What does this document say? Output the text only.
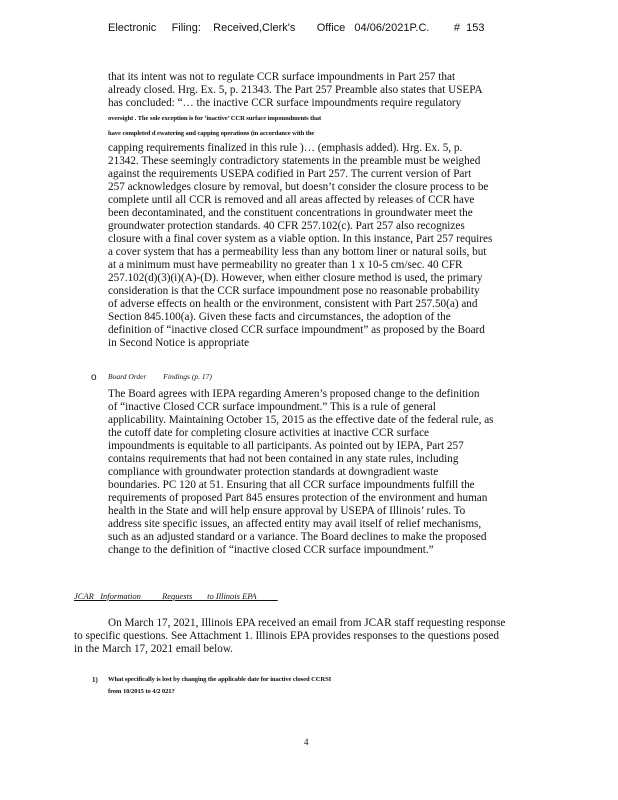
Electronic     Filing:    Received,Clerk's       Office   04/06/2021P.C.        #  153
that its intent was not to regulate CCR surface impoundments in Part 257 that
already closed. Hrg. Ex. 5, p. 21343. The Part 257 Preamble also states that USEPA
has concluded: “… the inactive CCR surface impoundments require regulatory
oversight . The sole exception is for ‘inactive’ CCR surface impoundments that
have completed d ewatering and capping operations (in accordance with the
capping requirements finalized in this rule )… (emphasis added). Hrg. Ex. 5, p.
21342. These seemingly contradictory statements in the preamble must be weighed
against the requirements USEPA codified in Part 257. The current version of Part
257 acknowledges closure by removal, but doesn’t consider the closure process to be
complete until all CCR is removed and all areas affected by releases of CCR have
been decontaminated, and the constituent concentrations in groundwater meet the
groundwater protection standards. 40 CFR 257.102(c). Part 257 also recognizes
closure with a final cover system as a viable option. In this instance, Part 257 requires
a cover system that has a permeability less than any bottom liner or natural soils, but
at a minimum must have permeability no greater than 1 x 10-5 cm/sec. 40 CFR
257.102(d)(3)(i)(A)-(D). However, when either closure method is used, the primary
consideration is that the CCR surface impoundment pose no reasonable probability
of adverse effects on health or the environment, consistent with Part 257.50(a) and
Section 845.100(a). Given these facts and circumstances, the adoption of the
definition of “inactive closed CCR surface impoundment” as proposed by the Board
in Second Notice is appropriate
o Board Order         Findings (p. 17)
The Board agrees with IEPA regarding Ameren’s proposed change to the definition
of “inactive Closed CCR surface impoundment.” This is a rule of general
applicability. Maintaining October 15, 2015 as the effective date of the federal rule, as
the cutoff date for completing closure activities at inactive CCR surface
impoundments is equitable to all participants. As pointed out by IEPA, Part 257
contains requirements that had not been contained in any state rules, including
compliance with groundwater protection standards at downgradient waste
boundaries. PC 120 at 51. Ensuring that all CCR surface impoundments fulfill the
requirements of proposed Part 845 ensures protection of the environment and human
health in the State and will help ensure approval by USEPA of Illinois’ rules. To
address site specific issues, an affected entity may avail itself of relief mechanisms,
such as an adjusted standard or a variance. The Board declines to make the proposed
change to the definition of “inactive closed CCR surface impoundment.”
JCAR   Information          Requests       to Illinois EPA
On March 17, 2021, Illinois EPA received an email from JCAR staff requesting response
to specific questions. See Attachment 1. Illinois EPA provides responses to the questions posed
in the March 17, 2021 email below.
1) What specifically is lost by changing the applicable date for inactive closed CCRSI
from 10/2015 to 4/2 021?
4
